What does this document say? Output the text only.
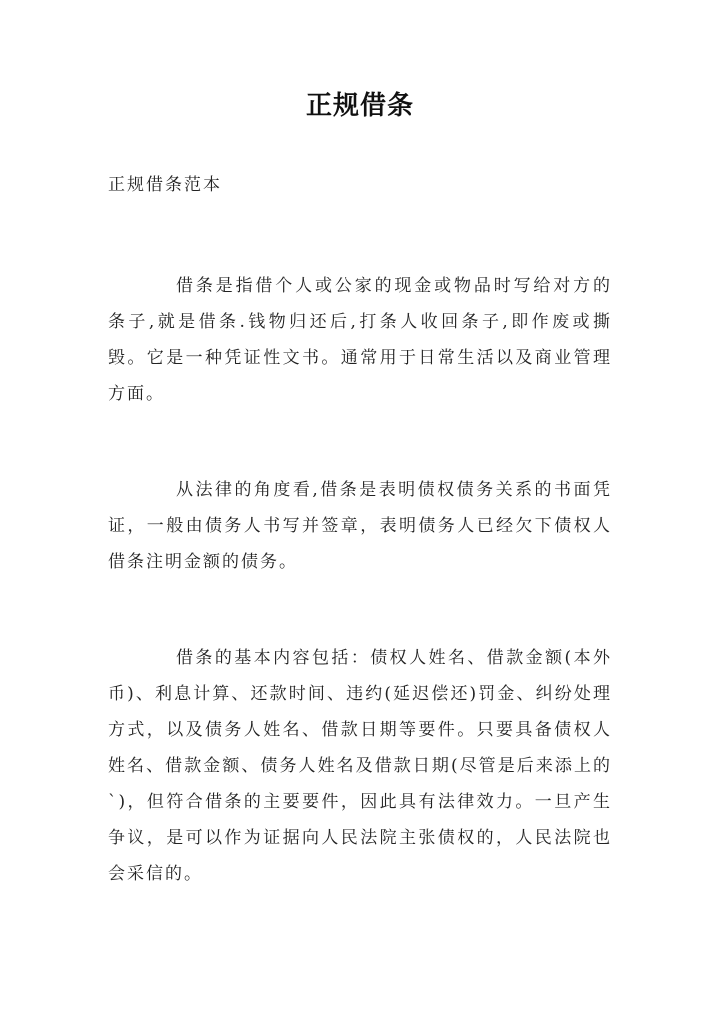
正规借条
正规借条范本
借条是指借个人或公家的现金或物品时写给对方的条子,就是借条.钱物归还后,打条人收回条子,即作废或撕毁。它是一种凭证性文书。通常用于日常生活以及商业管理方面。
从法律的角度看,借条是表明债权债务关系的书面凭证，一般由债务人书写并签章，表明债务人已经欠下债权人借条注明金额的债务。
借条的基本内容包括：债权人姓名、借款金额(本外币)、利息计算、还款时间、违约(延迟偿还)罚金、纠纷处理方式，以及债务人姓名、借款日期等要件。只要具备债权人姓名、借款金额、债务人姓名及借款日期(尽管是后来添上的`)，但符合借条的主要要件，因此具有法律效力。一旦产生争议，是可以作为证据向人民法院主张债权的，人民法院也会采信的。
